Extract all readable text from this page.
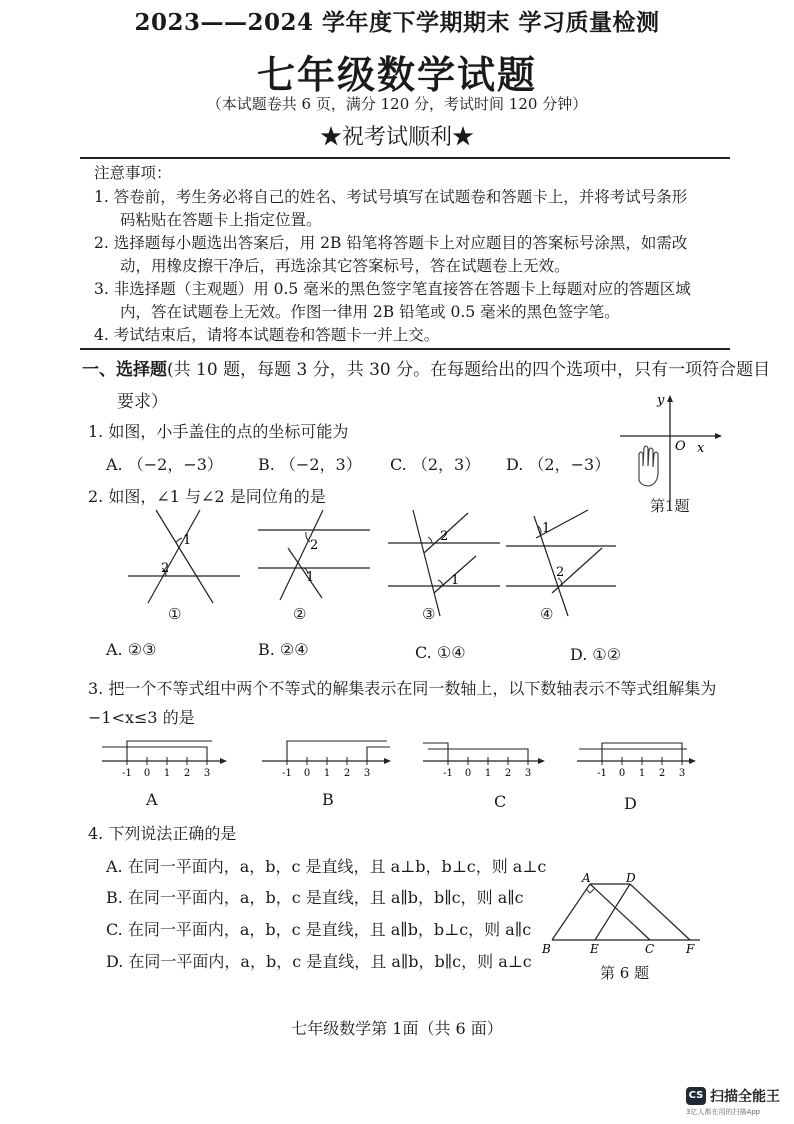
2023——2024 学年度下学期期末 学习质量检测
七年级数学试题
（本试题卷共 6 页，满分 120 分，考试时间 120 分钟）
★祝考试顺利★
注意事项：
1. 答卷前，考生务必将自己的姓名、考试号填写在试题卷和答题卡上，并将考试号条形
码粘贴在答题卡上指定位置。
2. 选择题每小题选出答案后，用 2B 铅笔将答题卡上对应题目的答案标号涂黑，如需改
动，用橡皮擦干净后，再选涂其它答案标号，答在试题卷上无效。
3. 非选择题（主观题）用 0.5 毫米的黑色签字笔直接答在答题卡上每题对应的答题区域
内，答在试题卷上无效。作图一律用 2B 铅笔或 0.5 毫米的黑色签字笔。
4. 考试结束后，请将本试题卷和答题卡一并上交。
一、选择题(共 10 题，每题 3 分，共 30 分。在每题给出的四个选项中，只有一项符合题目
要求）
1. 如图，小手盖住的点的坐标可能为
A. （−2，−3） B. （−2，3） C. （2，3） D. （2，−3）
y
x
O
第1题
2. 如图，∠1 与∠2 是同位角的是
1
2
①
2
1
②
2
1
③
1
2
④
A. ②③	B. ②④	C. ①④	D. ①②
3. 把一个不等式组中两个不等式的解集表示在同一数轴上，以下数轴表示不等式组解集为
−1<x≤3 的是
-1 0 1 2 3
A
-1 0 1 2 3
B
-1 0 1 2 3
C
-1 0 1 2 3
D
4. 下列说法正确的是
A. 在同一平面内，a，b，c 是直线，且 a⊥b，b⊥c，则 a⊥c
B. 在同一平面内，a，b，c 是直线，且 a∥b，b∥c，则 a∥c
C. 在同一平面内，a，b，c 是直线，且 a∥b，b⊥c，则 a∥c
D. 在同一平面内，a，b，c 是直线，且 a∥b，b∥c，则 a⊥c
A	D
B	E	C	F
第 6 题
七年级数学第 1面（共 6 面）
CS 扫描全能王
3亿人都在用的扫描App
